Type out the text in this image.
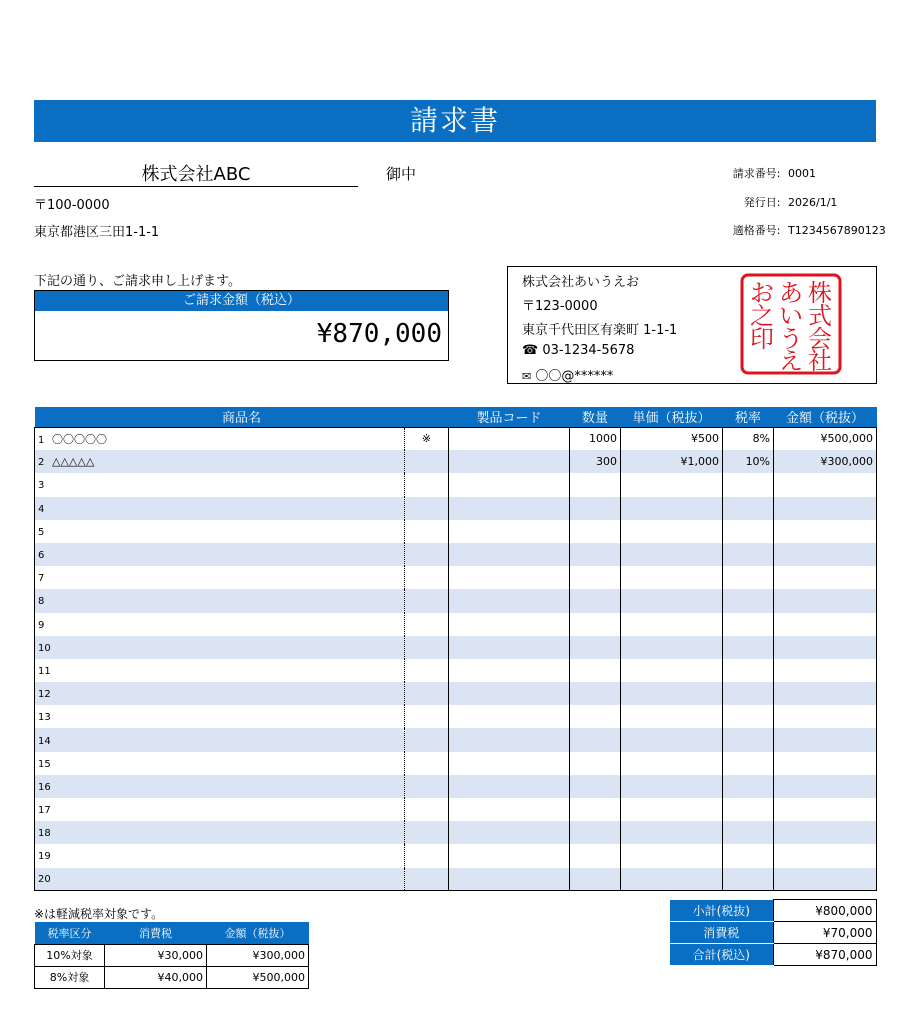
請求書
株式会社ABC	御中
〒100-0000
東京都港区三田1-1-1
請求番号: 0001
発行日: 2026/1/1
適格番号: T1234567890123
下記の通り、ご請求申し上げます。
ご請求金額（税込）
¥870,000
株式会社あいうえお
〒123-0000
東京千代田区有楽町 1-1-1
☎ 03-1234-5678
✉ 〇〇@******
株
式
会
社
あ
い
う
え
お
之
印
商品名		製品コード	数量	単価（税抜）	税率	金額（税抜）
1 〇〇〇〇〇	※		1000	¥500	8%	¥500,000
2 △△△△△			300	¥1,000	10%	¥300,000
3						
4						
5						
6						
7						
8						
9						
10						
11						
12						
13						
14						
15						
16						
17						
18						
19						
20						
※は軽減税率対象です。
税率区分	消費税	金額（税抜）
10%対象	¥30,000	¥300,000
8%対象	¥40,000	¥500,000
小計(税抜)	¥800,000
消費税	¥70,000
合計(税込)	¥870,000
